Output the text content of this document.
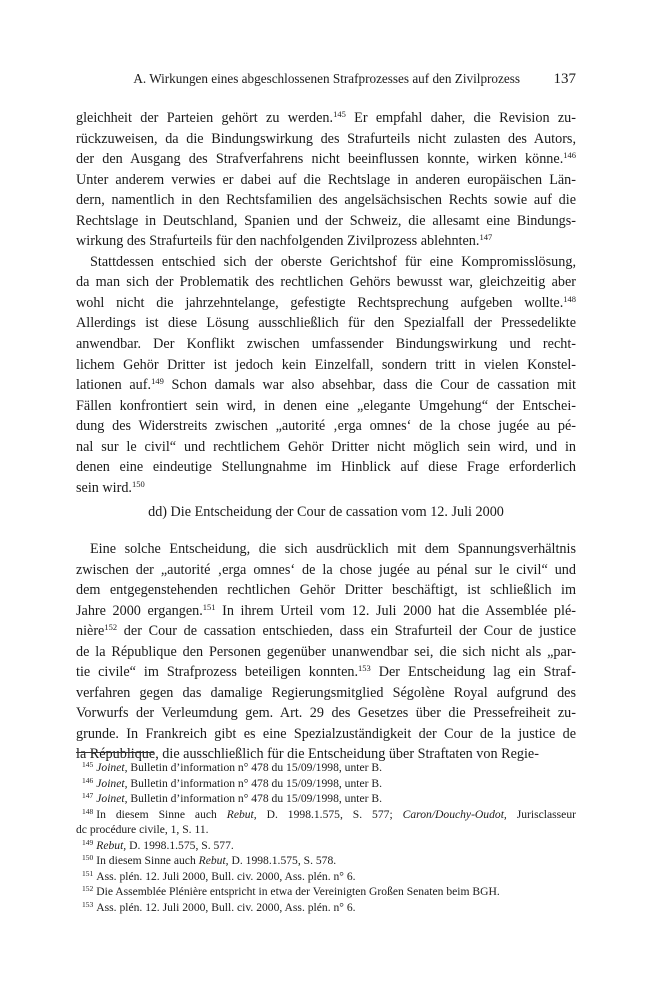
A. Wirkungen eines abgeschlossenen Strafprozesses auf den Zivilprozess 137
gleichheit der Parteien gehört zu werden.$^{145}$ Er empfahl daher, die Revision zu-
rückzuweisen, da die Bindungswirkung des Strafurteils nicht zulasten des Autors,
der den Ausgang des Strafverfahrens nicht beeinflussen konnte, wirken könne.$^{146}$
Unter anderem verwies er dabei auf die Rechtslage in anderen europäischen Län-
dern, namentlich in den Rechtsfamilien des angelsächsischen Rechts sowie auf die
Rechtslage in Deutschland, Spanien und der Schweiz, die allesamt eine Bindungs-
wirkung des Strafurteils für den nachfolgenden Zivilprozess ablehnten.$^{147}$
Stattdessen entschied sich der oberste Gerichtshof für eine Kompromisslösung,
da man sich der Problematik des rechtlichen Gehörs bewusst war, gleichzeitig aber
wohl nicht die jahrzehntelange, gefestigte Rechtsprechung aufgeben wollte.$^{148}$
Allerdings ist diese Lösung ausschließlich für den Spezialfall der Pressedelikte
anwendbar. Der Konflikt zwischen umfassender Bindungswirkung und recht-
lichem Gehör Dritter ist jedoch kein Einzelfall, sondern tritt in vielen Konstel-
lationen auf.$^{149}$ Schon damals war also absehbar, dass die Cour de cassation mit
Fällen konfrontiert sein wird, in denen eine „elegante Umgehung“ der Entschei-
dung des Widerstreits zwischen „autorité ‚erga omnes‘ de la chose jugée au pé-
nal sur le civil“ und rechtlichem Gehör Dritter nicht möglich sein wird, und in
denen eine eindeutige Stellungnahme im Hinblick auf diese Frage erforderlich
sein wird.$^{150}$
dd) Die Entscheidung der Cour de cassation vom 12. Juli 2000
Eine solche Entscheidung, die sich ausdrücklich mit dem Spannungsverhältnis
zwischen der „autorité ‚erga omnes‘ de la chose jugée au pénal sur le civil“ und
dem entgegenstehenden rechtlichen Gehör Dritter beschäftigt, ist schließlich im
Jahre 2000 ergangen.$^{151}$ In ihrem Urteil vom 12. Juli 2000 hat die Assemblée plé-
nière$^{152}$ der Cour de cassation entschieden, dass ein Strafurteil der Cour de justice
de la République den Personen gegenüber unanwendbar sei, die sich nicht als „par-
tie civile“ im Strafprozess beteiligen konnten.$^{153}$ Der Entscheidung lag ein Straf-
verfahren gegen das damalige Regierungsmitglied Ségolène Royal aufgrund des
Vorwurfs der Verleumdung gem. Art. 29 des Gesetzes über die Pressefreiheit zu-
grunde. In Frankreich gibt es eine Spezialzuständigkeit der Cour de la justice de
la République, die ausschließlich für die Entscheidung über Straftaten von Regie-
$^{145}$ Joinet, Bulletin d’information n° 478 du 15/09/1998, unter B.
$^{146}$ Joinet, Bulletin d’information n° 478 du 15/09/1998, unter B.
$^{147}$ Joinet, Bulletin d’information n° 478 du 15/09/1998, unter B.
$^{148}$ In diesem Sinne auch Rebut, D. 1998.1.575, S. 577; Caron/Douchy-Oudot, Jurisclasseur
dc procédure civile, 1, S. 11.
$^{149}$ Rebut, D. 1998.1.575, S. 577.
$^{150}$ In diesem Sinne auch Rebut, D. 1998.1.575, S. 578.
$^{151}$ Ass. plén. 12. Juli 2000, Bull. civ. 2000, Ass. plén. n° 6.
$^{152}$ Die Assemblée Plénière entspricht in etwa der Vereinigten Großen Senaten beim BGH.
$^{153}$ Ass. plén. 12. Juli 2000, Bull. civ. 2000, Ass. plén. n° 6.
